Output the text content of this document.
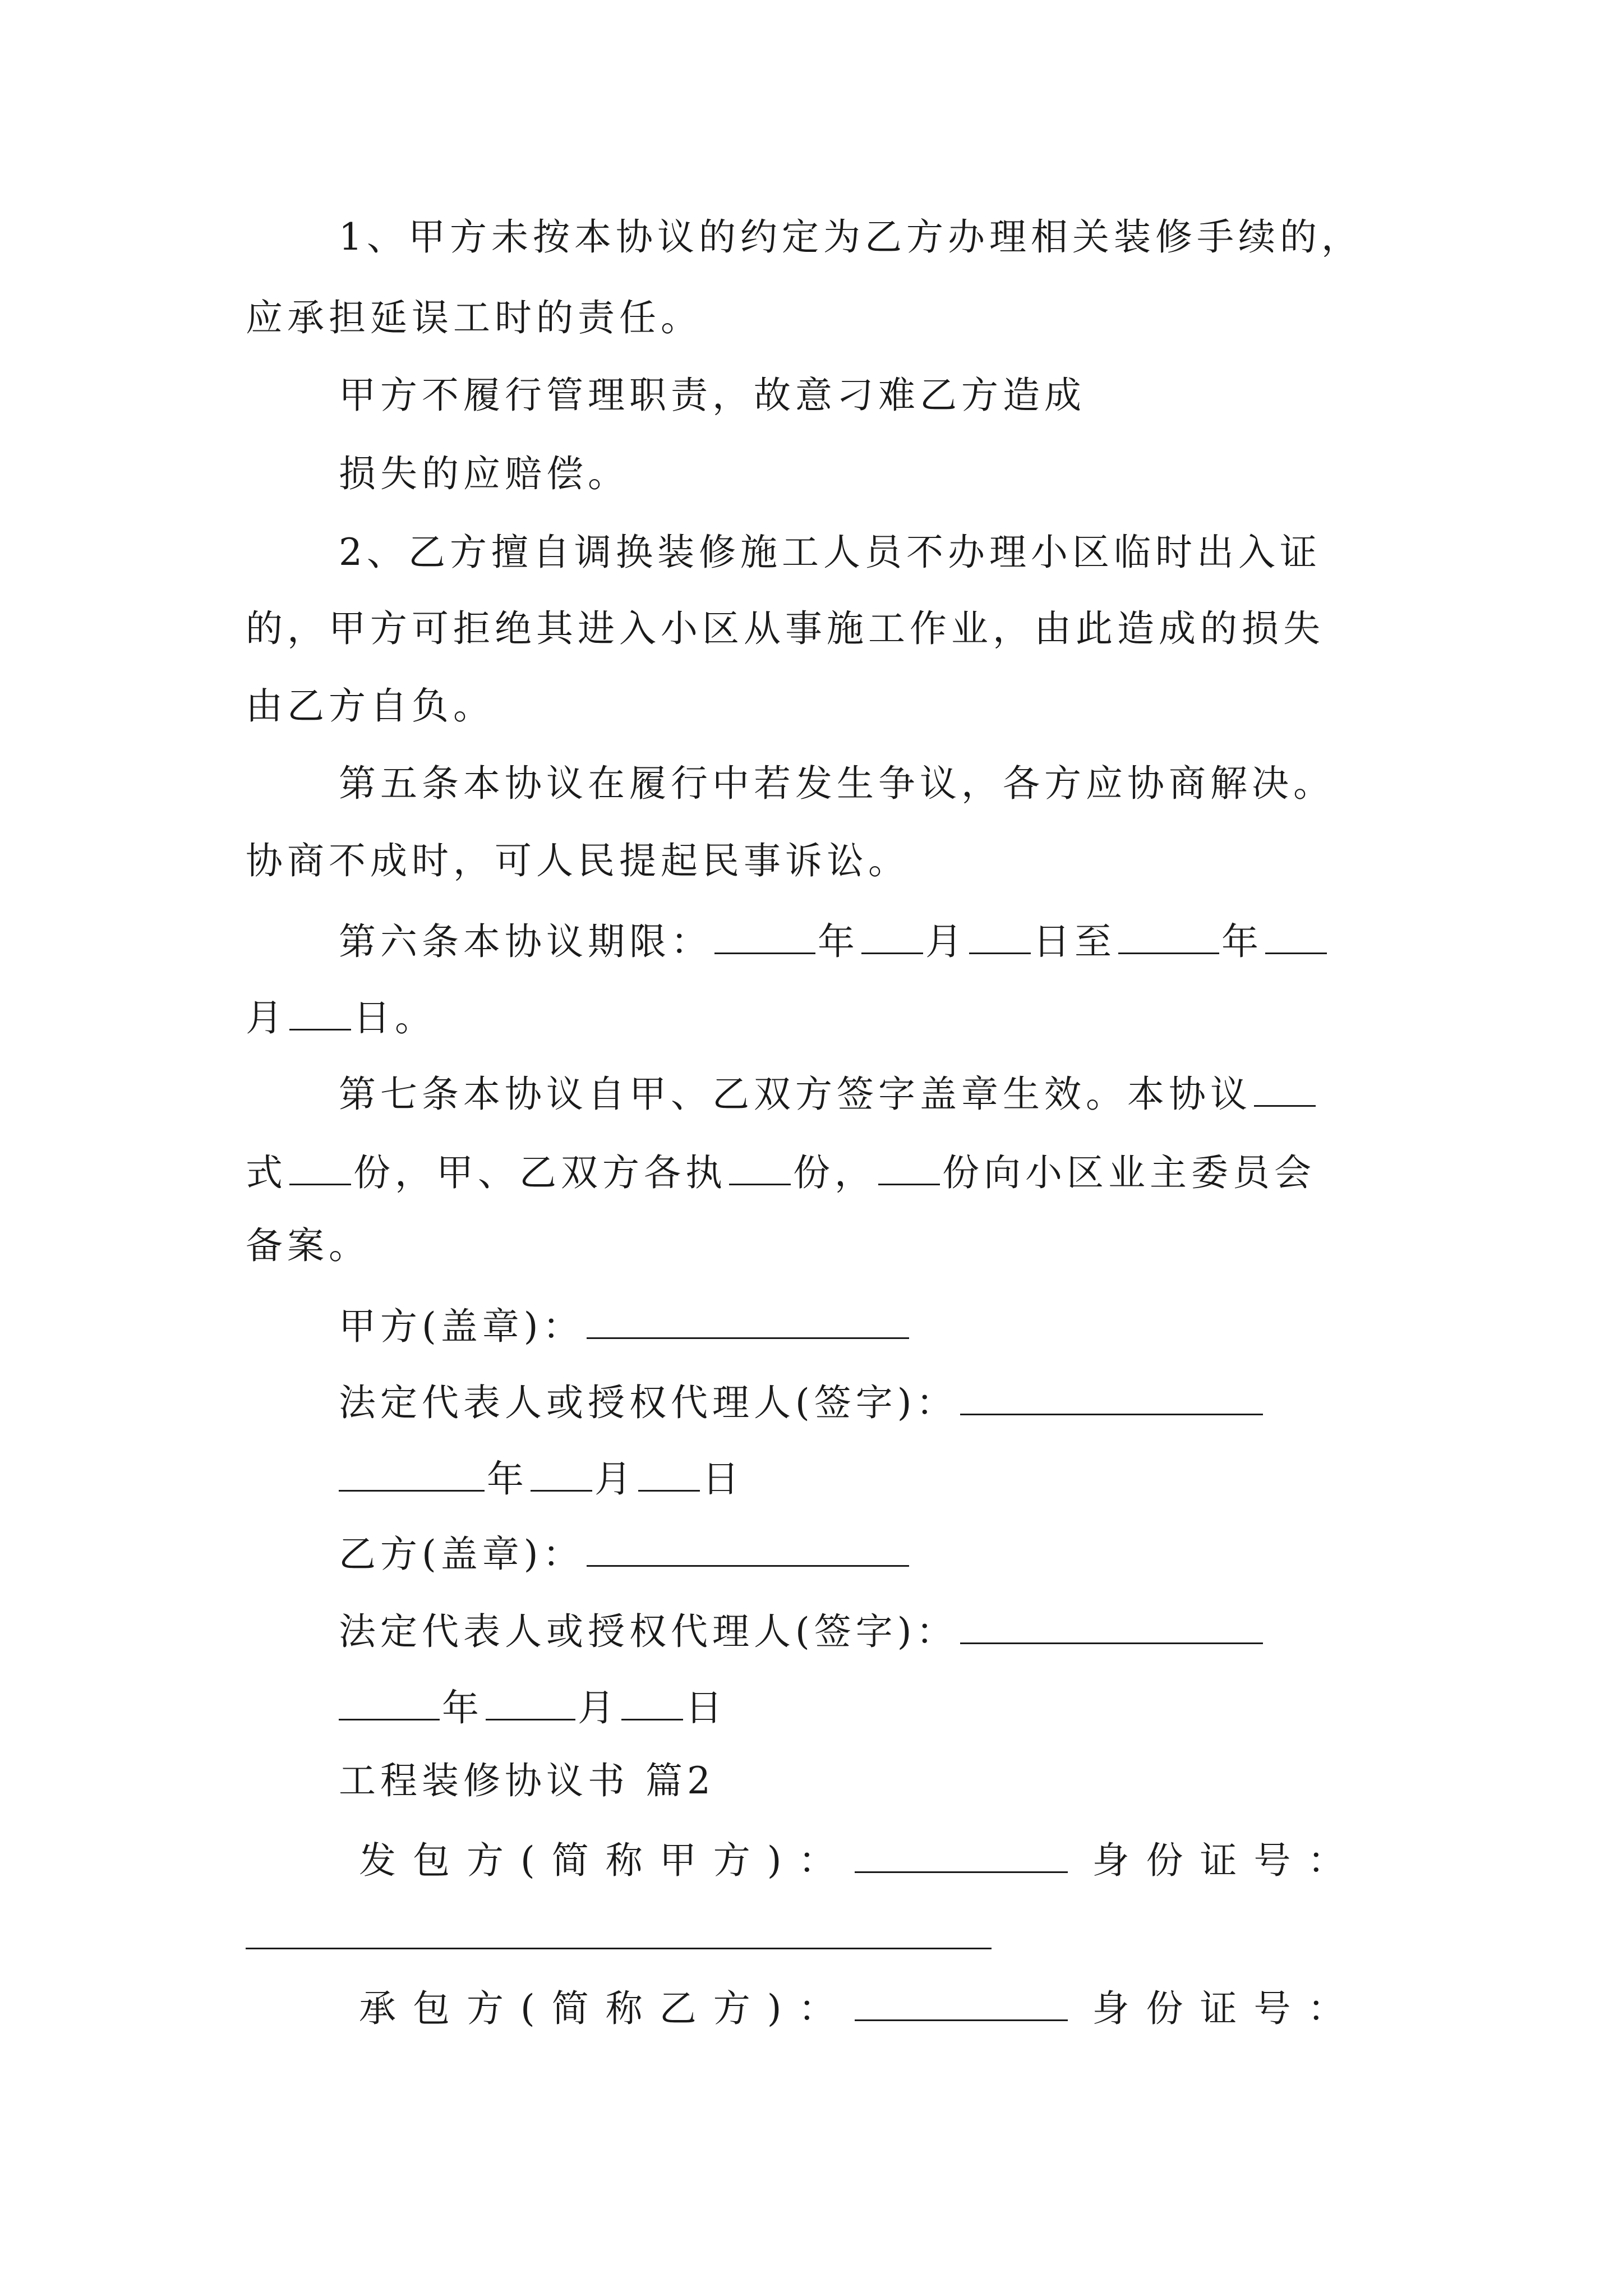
1、甲方未按本协议的约定为乙方办理相关装修手续的，
应承担延误工时的责任。
甲方不履行管理职责，故意刁难乙方造成
损失的应赔偿。
2、乙方擅自调换装修施工人员不办理小区临时出入证
的，甲方可拒绝其进入小区从事施工作业，由此造成的损失
由乙方自负。
第五条本协议在履行中若发生争议，各方应协商解决。
协商不成时，可人民提起民事诉讼。
第六条本协议期限：	年 月 日至	年
月 日。
第七条本协议自甲、乙双方签字盖章生效。本协议
式 份，甲、乙双方各执 份， 份向小区业主委员会
备案。
甲方(盖章)：
法定代表人或授权代理人(签字)：
年 月 日
乙方(盖章)：
法定代表人或授权代理人(签字)：
年	月 日
工程装修协议书 篇2
发包方(简称甲方)：	身份证号：
承包方(简称乙方)：	身份证号：
